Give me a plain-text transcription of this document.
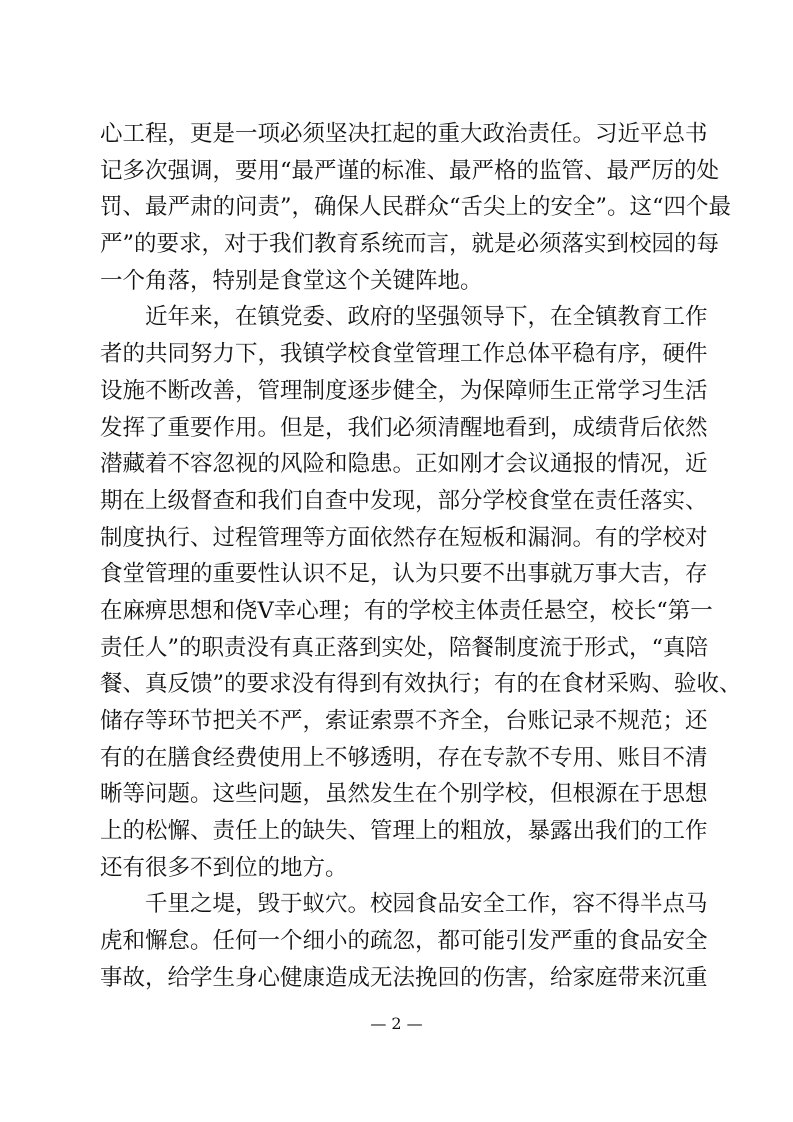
心工程，更是一项必须坚决扛起的重大政治责任。习近平总书
记多次强调，要用“最严谨的标准、最严格的监管、最严厉的处
罚、最严肃的问责”，确保人民群众“舌尖上的安全”。这“四个最
严”的要求，对于我们教育系统而言，就是必须落实到校园的每
一个角落，特别是食堂这个关键阵地。

近年来，在镇党委、政府的坚强领导下，在全镇教育工作
者的共同努力下，我镇学校食堂管理工作总体平稳有序，硬件
设施不断改善，管理制度逐步健全，为保障师生正常学习生活
发挥了重要作用。但是，我们必须清醒地看到，成绩背后依然
潜藏着不容忽视的风险和隐患。正如刚才会议通报的情况，近
期在上级督查和我们自查中发现，部分学校食堂在责任落实、
制度执行、过程管理等方面依然存在短板和漏洞。有的学校对
食堂管理的重要性认识不足，认为只要不出事就万事大吉，存
在麻痹思想和侥Ⅴ幸心理；有的学校主体责任悬空，校长“第一
责任人”的职责没有真正落到实处，陪餐制度流于形式，“真陪
餐、真反馈”的要求没有得到有效执行；有的在食材采购、验收、
储存等环节把关不严，索证索票不齐全，台账记录不规范；还
有的在膳食经费使用上不够透明，存在专款不专用、账目不清
晰等问题。这些问题，虽然发生在个别学校，但根源在于思想
上的松懈、责任上的缺失、管理上的粗放，暴露出我们的工作
还有很多不到位的地方。

千里之堤，毁于蚁穴。校园食品安全工作，容不得半点马
虎和懈怠。任何一个细小的疏忽，都可能引发严重的食品安全
事故，给学生身心健康造成无法挽回的伤害，给家庭带来沉重

— 2 —
